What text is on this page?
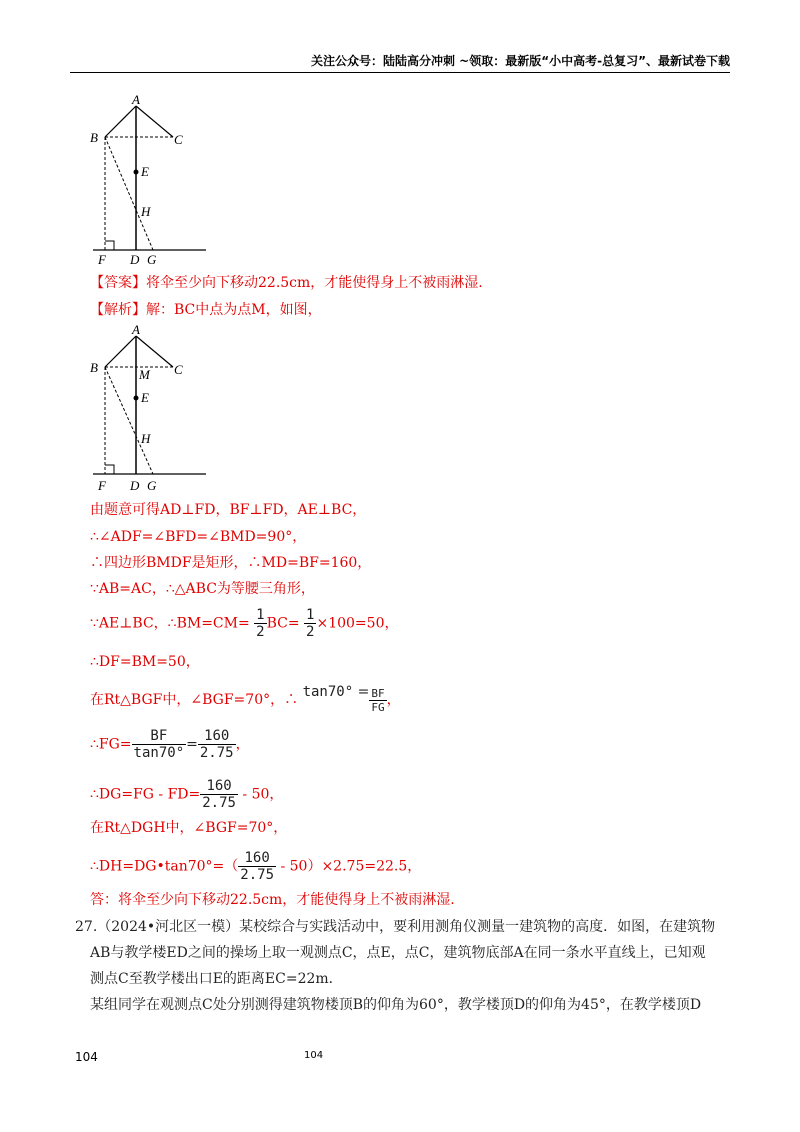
关注公众号：陆陆高分冲刺 ~领取：最新版“小中高考-总复习”、最新试卷下载
A
B	C
E
H
F D G
【答案】将伞至少向下移动22.5cm，才能使得身上不被雨淋湿.
【解析】解：BC中点为点M，如图，
A
B	C
M
E
H
F D G
由题意可得AD⊥FD，BF⊥FD，AE⊥BC，
∴∠ADF=∠BFD=∠BMD=90°，
∴四边形BMDF是矩形，∴MD=BF=160，
∵AB=AC，∴△ABC为等腰三角形，
∵AE⊥BC，∴BM=CM= $\frac{1}{2} BC= \frac{1}{2} \times 100=50$，
∴DF=BM=50，
在Rt△BGF中，∠BGF=70°，∴ $\tan 70^\circ = \frac{BF}{FG}$ ，
∴FG= $\frac{BF}{\tan 70^\circ} = \frac{160}{2.75}$ ，
∴DG=FG - $FD= \frac{160}{2.75} - 50$，
在Rt△DGH中，∠BGF=70°，
∴DH=DG•tan70°=（ $\frac{160}{2.75} - 50)\times 2.75=22.5$，
答：将伞至少向下移动22.5cm，才能使得身上不被雨淋湿.
27.（2024•河北区一模）某校综合与实践活动中，要利用测角仪测量一建筑物的高度．如图，在建筑物
AB与教学楼ED之间的操场上取一观测点C，点E，点C，建筑物底部A在同一条水平直线上，已知观
测点C至教学楼出口E的距离EC=22m．
某组同学在观测点C处分别测得建筑物楼顶B的仰角为60°，教学楼顶D的仰角为45°，在教学楼顶D
104	104
